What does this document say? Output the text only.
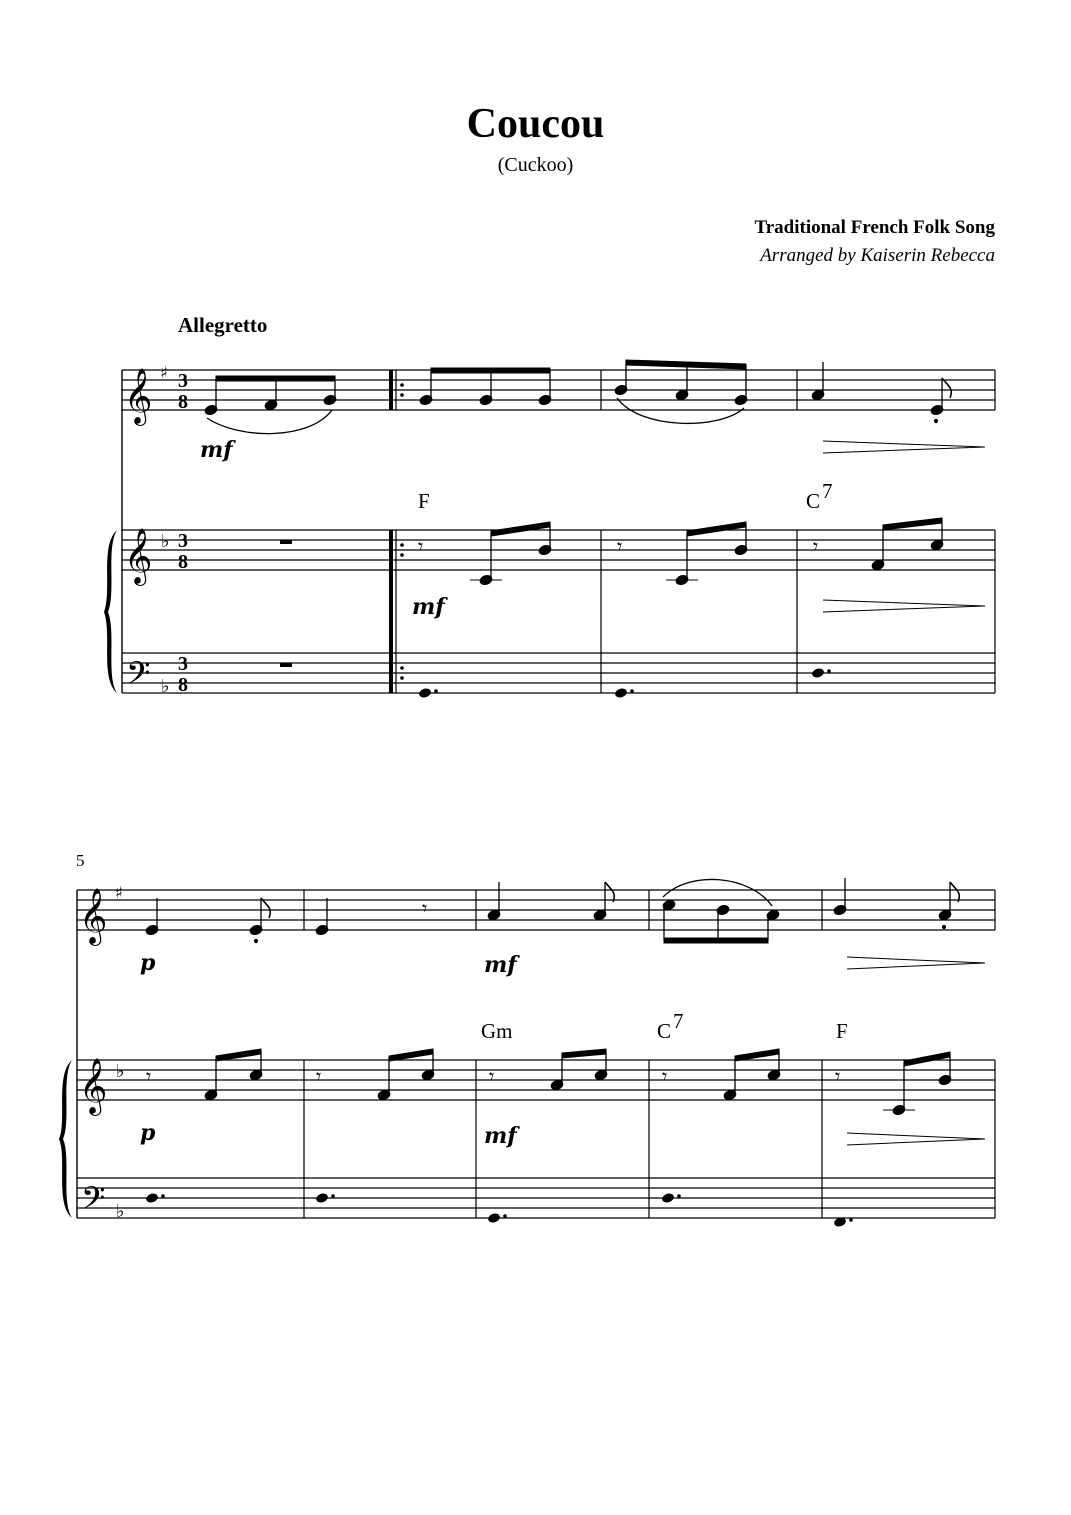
Coucou
(Cuckoo)
Traditional French Folk Song
Arranged by Kaiserin Rebecca
Allegretto
𝄞
𝄞
𝄢
♯
♭
♭
3
8
3
8
3
8
mf
mf
F	C 7
𝄾	𝄾	𝄾
5
𝄞
𝄞
𝄢
♯
♭
♭
𝄾
p	mf
p	mf
Gm	C 7	F
𝄾	𝄾	𝄾	𝄾	𝄾
